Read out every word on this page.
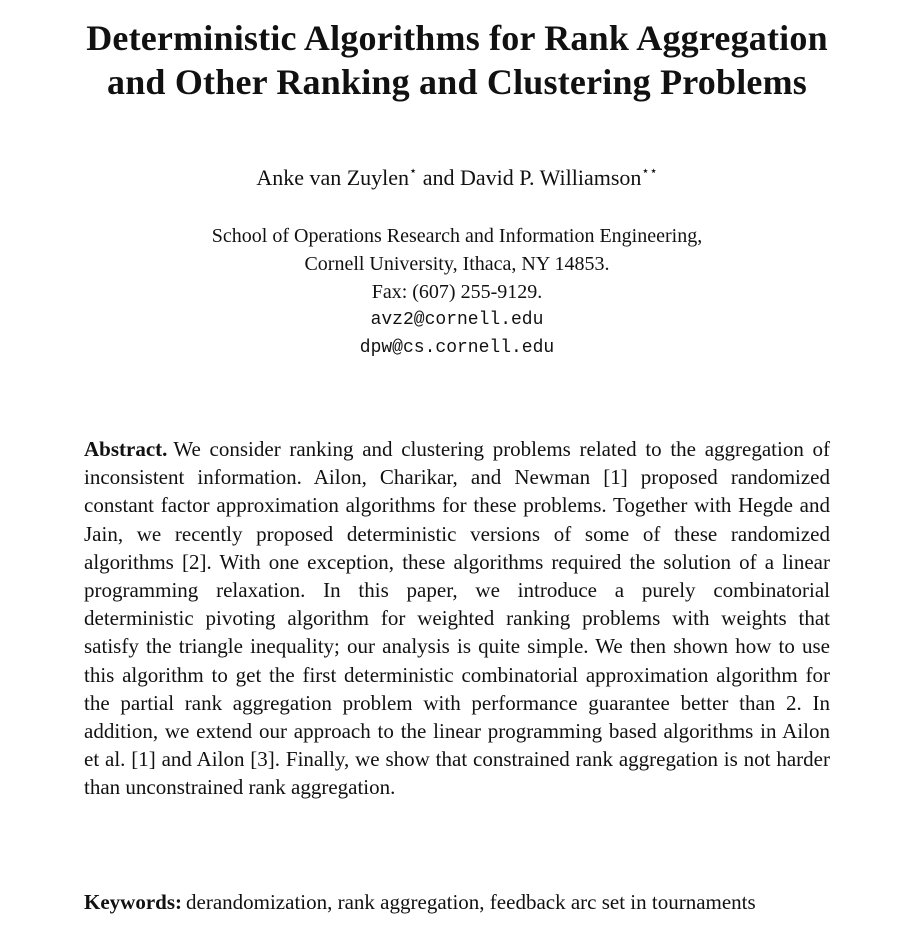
Deterministic Algorithms for Rank Aggregation
and Other Ranking and Clustering Problems
Anke van Zuylen⋆ and David P. Williamson⋆⋆
School of Operations Research and Information Engineering,
Cornell University, Ithaca, NY 14853.
Fax: (607) 255-9129.
avz2@cornell.edu
dpw@cs.cornell.edu
Abstract. We consider ranking and clustering problems related to the aggregation of inconsistent information. Ailon, Charikar, and Newman [1] proposed randomized constant factor approximation algorithms for these problems. Together with Hegde and Jain, we recently proposed deterministic versions of some of these randomized algorithms [2]. With one exception, these algorithms required the solution of a linear programming relaxation. In this paper, we introduce a purely combinatorial deterministic pivoting algorithm for weighted ranking problems with weights that satisfy the triangle inequality; our analysis is quite simple. We then shown how to use this algorithm to get the first deterministic combinatorial approximation algorithm for the partial rank aggregation problem with performance guarantee better than 2. In addition, we extend our approach to the linear programming based algorithms in Ailon et al. [1] and Ailon [3]. Finally, we show that constrained rank aggregation is not harder than unconstrained rank aggregation.
Keywords: derandomization, rank aggregation, feedback arc set in tournaments
